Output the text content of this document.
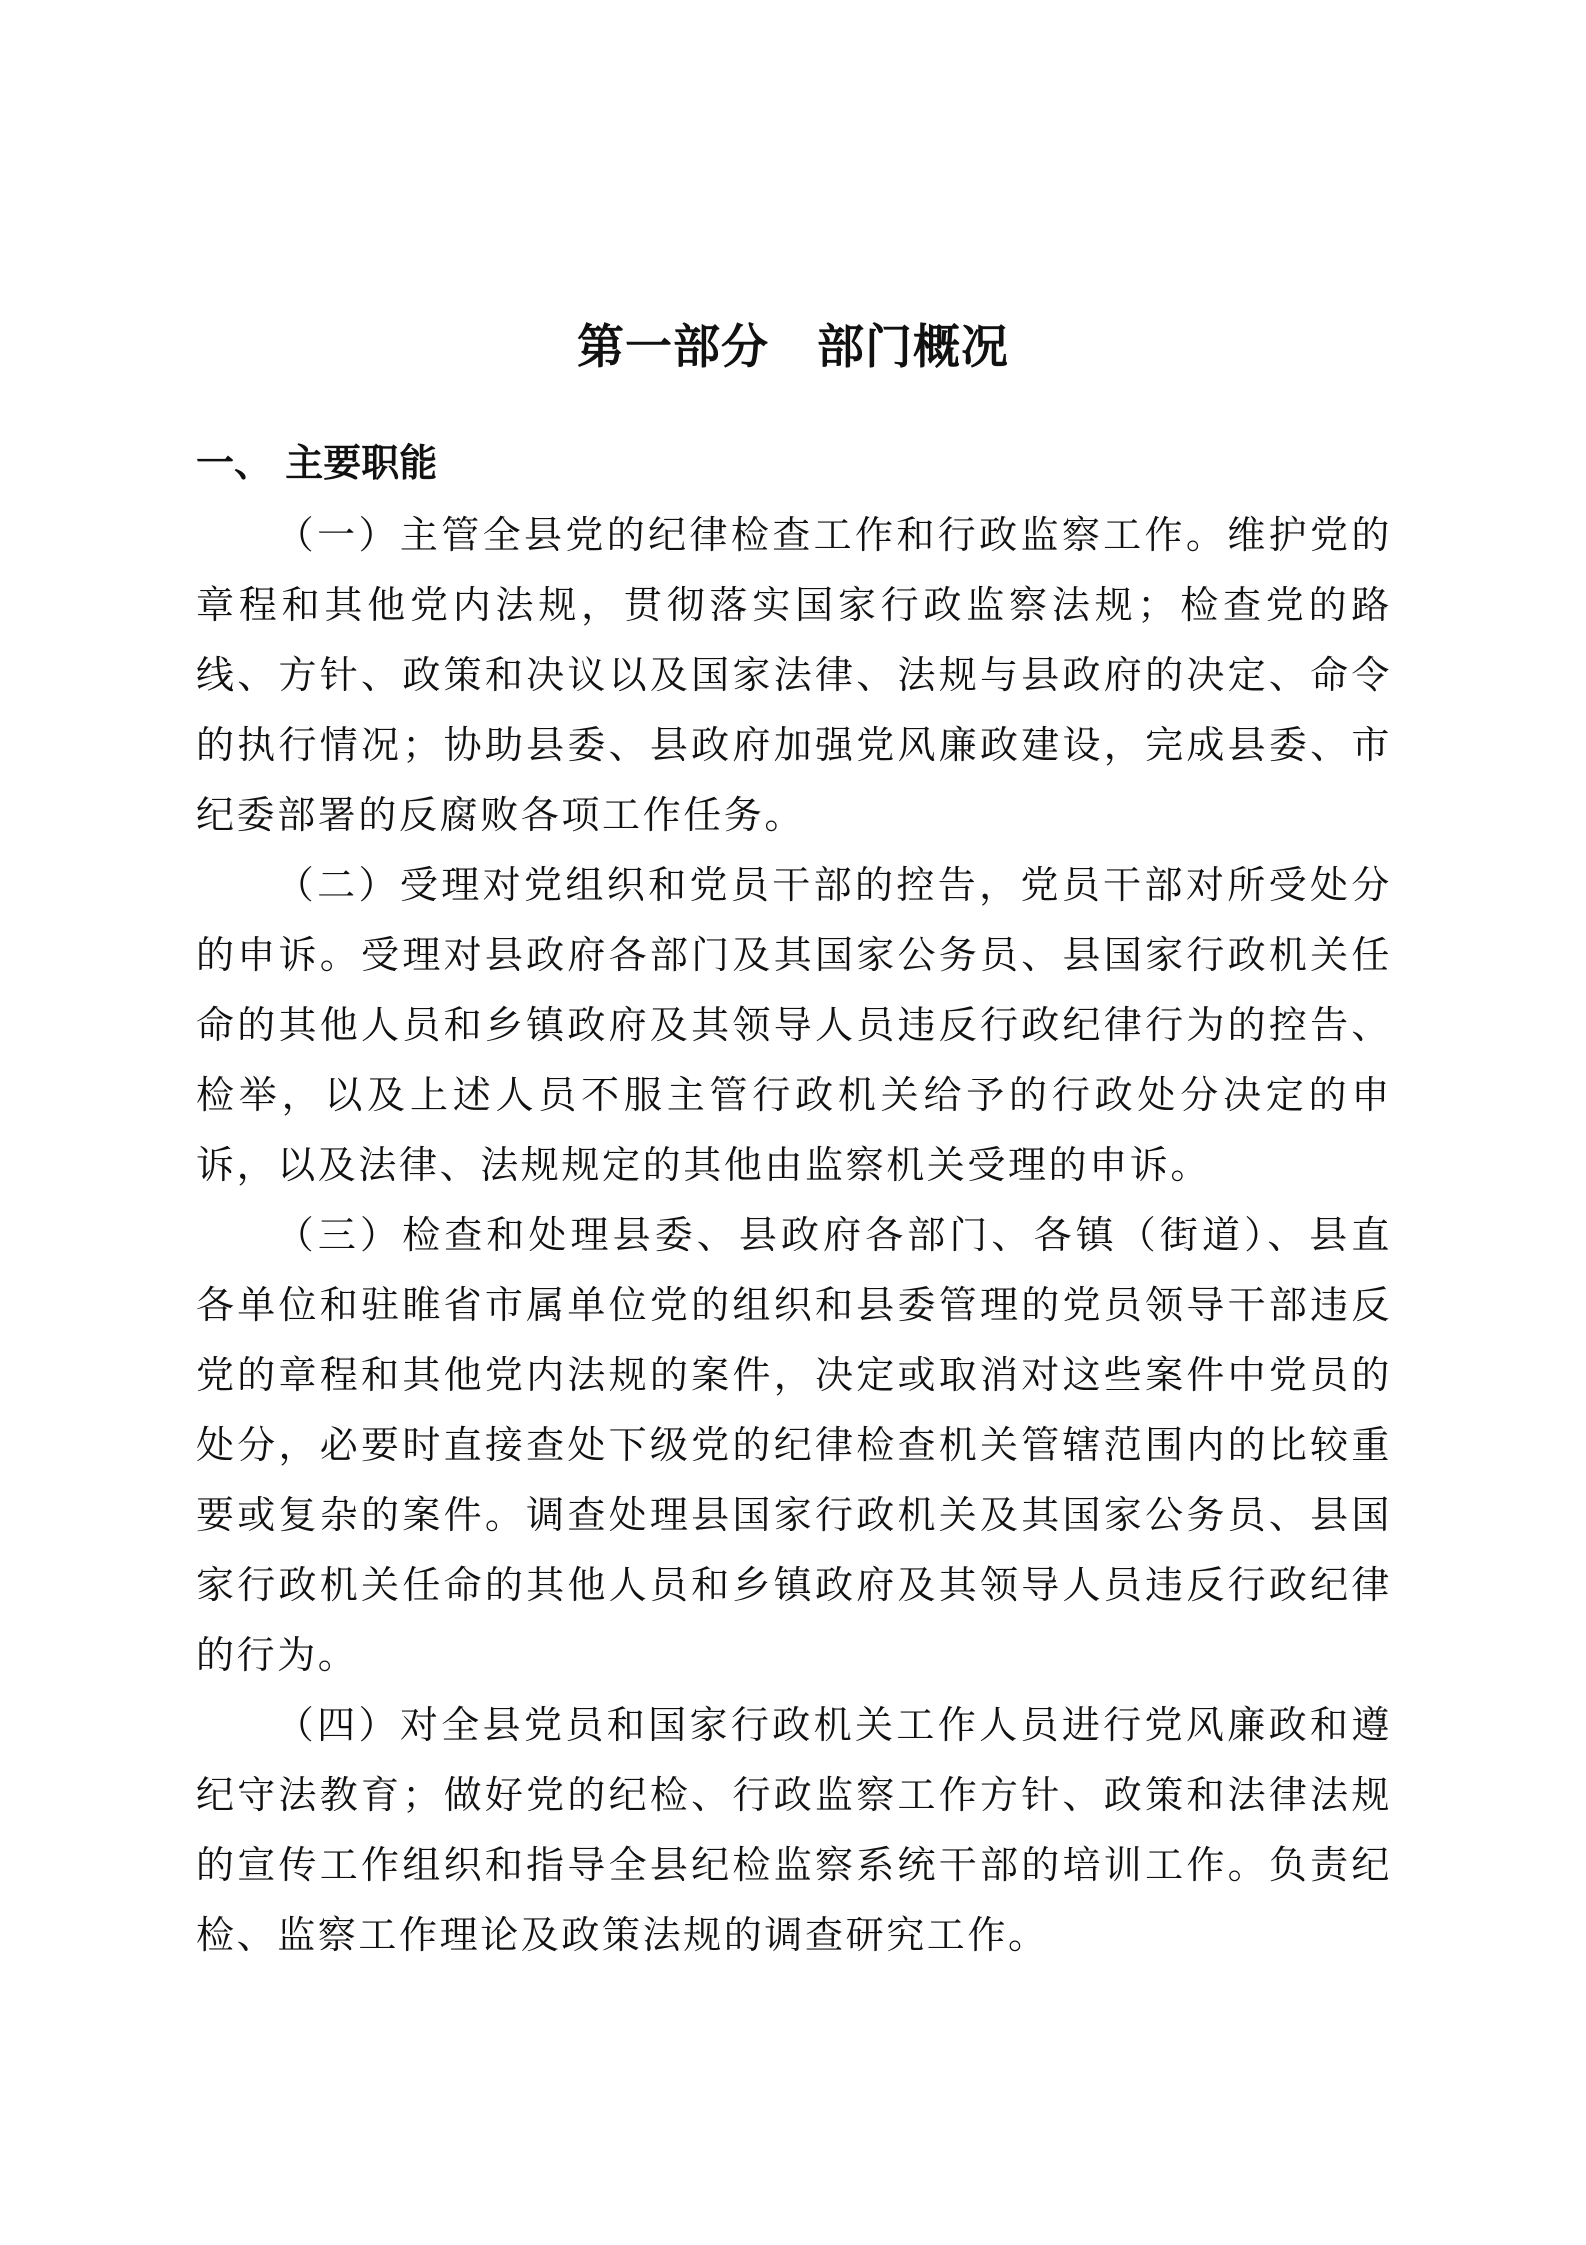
第一部分　部门概况
一、 主要职能

（一）主管全县党的纪律检查工作和行政监察工作。维护党的章程和其他党内法规，贯彻落实国家行政监察法规；检查党的路线、方针、政策和决议以及国家法律、法规与县政府的决定、命令的执行情况；协助县委、县政府加强党风廉政建设，完成县委、市纪委部署的反腐败各项工作任务。

（二）受理对党组织和党员干部的控告，党员干部对所受处分的申诉。受理对县政府各部门及其国家公务员、县国家行政机关任命的其他人员和乡镇政府及其领导人员违反行政纪律行为的控告、检举，以及上述人员不服主管行政机关给予的行政处分决定的申诉，以及法律、法规规定的其他由监察机关受理的申诉。

（三）检查和处理县委、县政府各部门、各镇（街道）、县直各单位和驻睢省市属单位党的组织和县委管理的党员领导干部违反党的章程和其他党内法规的案件，决定或取消对这些案件中党员的处分，必要时直接查处下级党的纪律检查机关管辖范围内的比较重要或复杂的案件。调查处理县国家行政机关及其国家公务员、县国家行政机关任命的其他人员和乡镇政府及其领导人员违反行政纪律的行为。

（四）对全县党员和国家行政机关工作人员进行党风廉政和遵纪守法教育；做好党的纪检、行政监察工作方针、政策和法律法规的宣传工作组织和指导全县纪检监察系统干部的培训工作。负责纪检、监察工作理论及政策法规的调查研究工作。
